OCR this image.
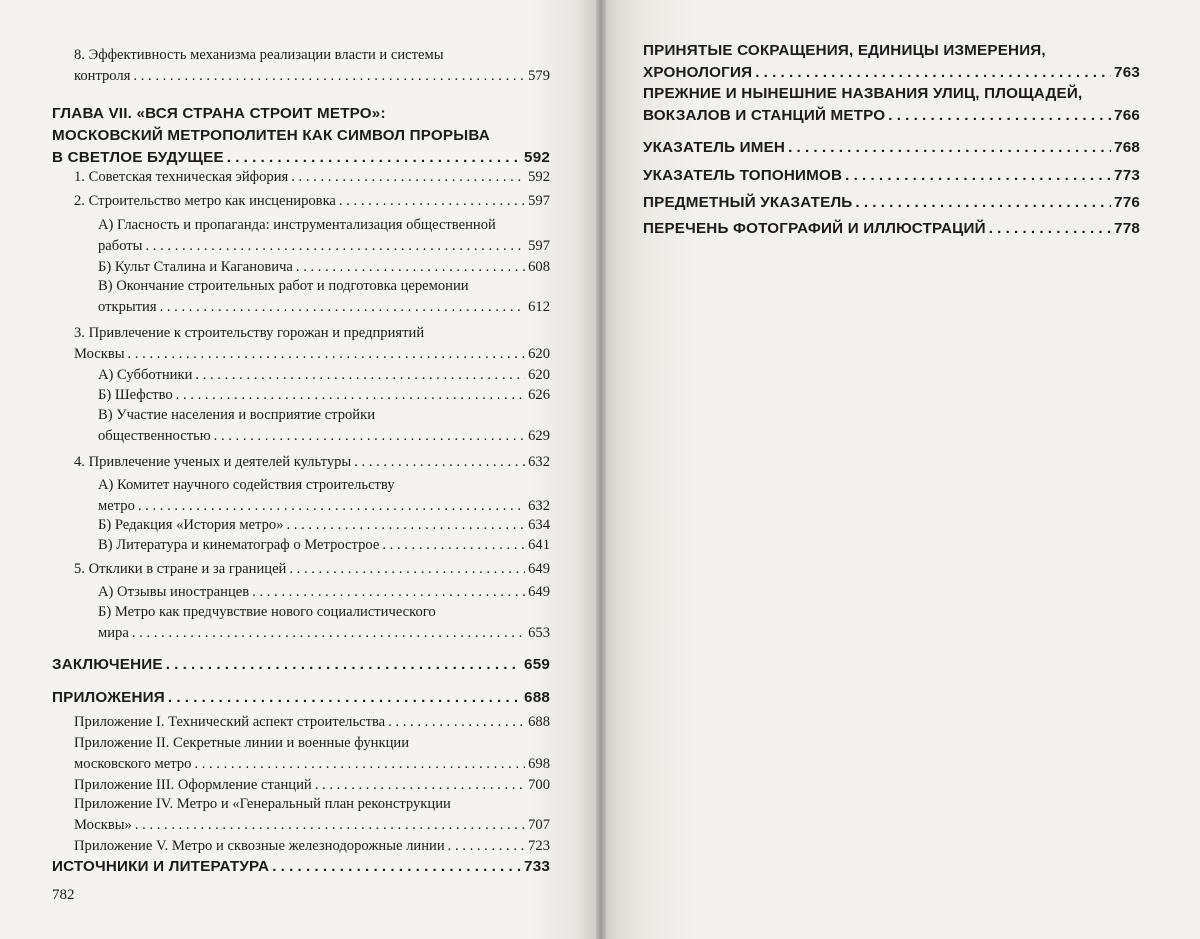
8. Эффективность механизма реализации власти и системы
контроля . . .	579
ГЛАВА VII. «ВСЯ СТРАНА СТРОИТ МЕТРО»:
МОСКОВСКИЙ МЕТРОПОЛИТЕН КАК СИМВОЛ ПРОРЫВА
В СВЕТЛОЕ БУДУЩЕЕ . . .	592
1. Советская техническая эйфория . . .	592
2. Строительство метро как инсценировка . . .	597
А) Гласность и пропаганда: инструментализация общественной
работы . . .	597
Б) Культ Сталина и Кагановича . . .	608
В) Окончание строительных работ и подготовка церемонии
открытия . . .	612
3. Привлечение к строительству горожан и предприятий
Москвы . . .	620
А) Субботники . . .	620
Б) Шефство . . .	626
В) Участие населения и восприятие стройки
общественностью . . .	629
4. Привлечение ученых и деятелей культуры . . .	632
А) Комитет научного содействия строительству
метро . . .	632
Б) Редакция «История метро» . . .	634
В) Литература и кинематограф о Метрострое . . .	641
5. Отклики в стране и за границей . . .	649
А) Отзывы иностранцев . . .	649
Б) Метро как предчувствие нового социалистического
мира . . .	653
ЗАКЛЮЧЕНИЕ . . .	659
ПРИЛОЖЕНИЯ . . .	688
Приложение I. Технический аспект строительства . . .	688
Приложение II. Секретные линии и военные функции
московского метро . . .	698
Приложение III. Оформление станций . . .	700
Приложение IV. Метро и «Генеральный план реконструкции
Москвы» . . .	707
Приложение V. Метро и сквозные железнодорожные линии . . .	723
ИСТОЧНИКИ И ЛИТЕРАТУРА . . .	733
ПРИНЯТЫЕ СОКРАЩЕНИЯ, ЕДИНИЦЫ ИЗМЕРЕНИЯ,
ХРОНОЛОГИЯ . . .	763
ПРЕЖНИЕ И НЫНЕШНИЕ НАЗВАНИЯ УЛИЦ, ПЛОЩАДЕЙ,
ВОКЗАЛОВ И СТАНЦИЙ МЕТРО . . .	766
УКАЗАТЕЛЬ ИМЕН . . .	768
УКАЗАТЕЛЬ ТОПОНИМОВ . . .	773
ПРЕДМЕТНЫЙ УКАЗАТЕЛЬ . . .	776
ПЕРЕЧЕНЬ ФОТОГРАФИЙ И ИЛЛЮСТРАЦИЙ . . .	778
782
